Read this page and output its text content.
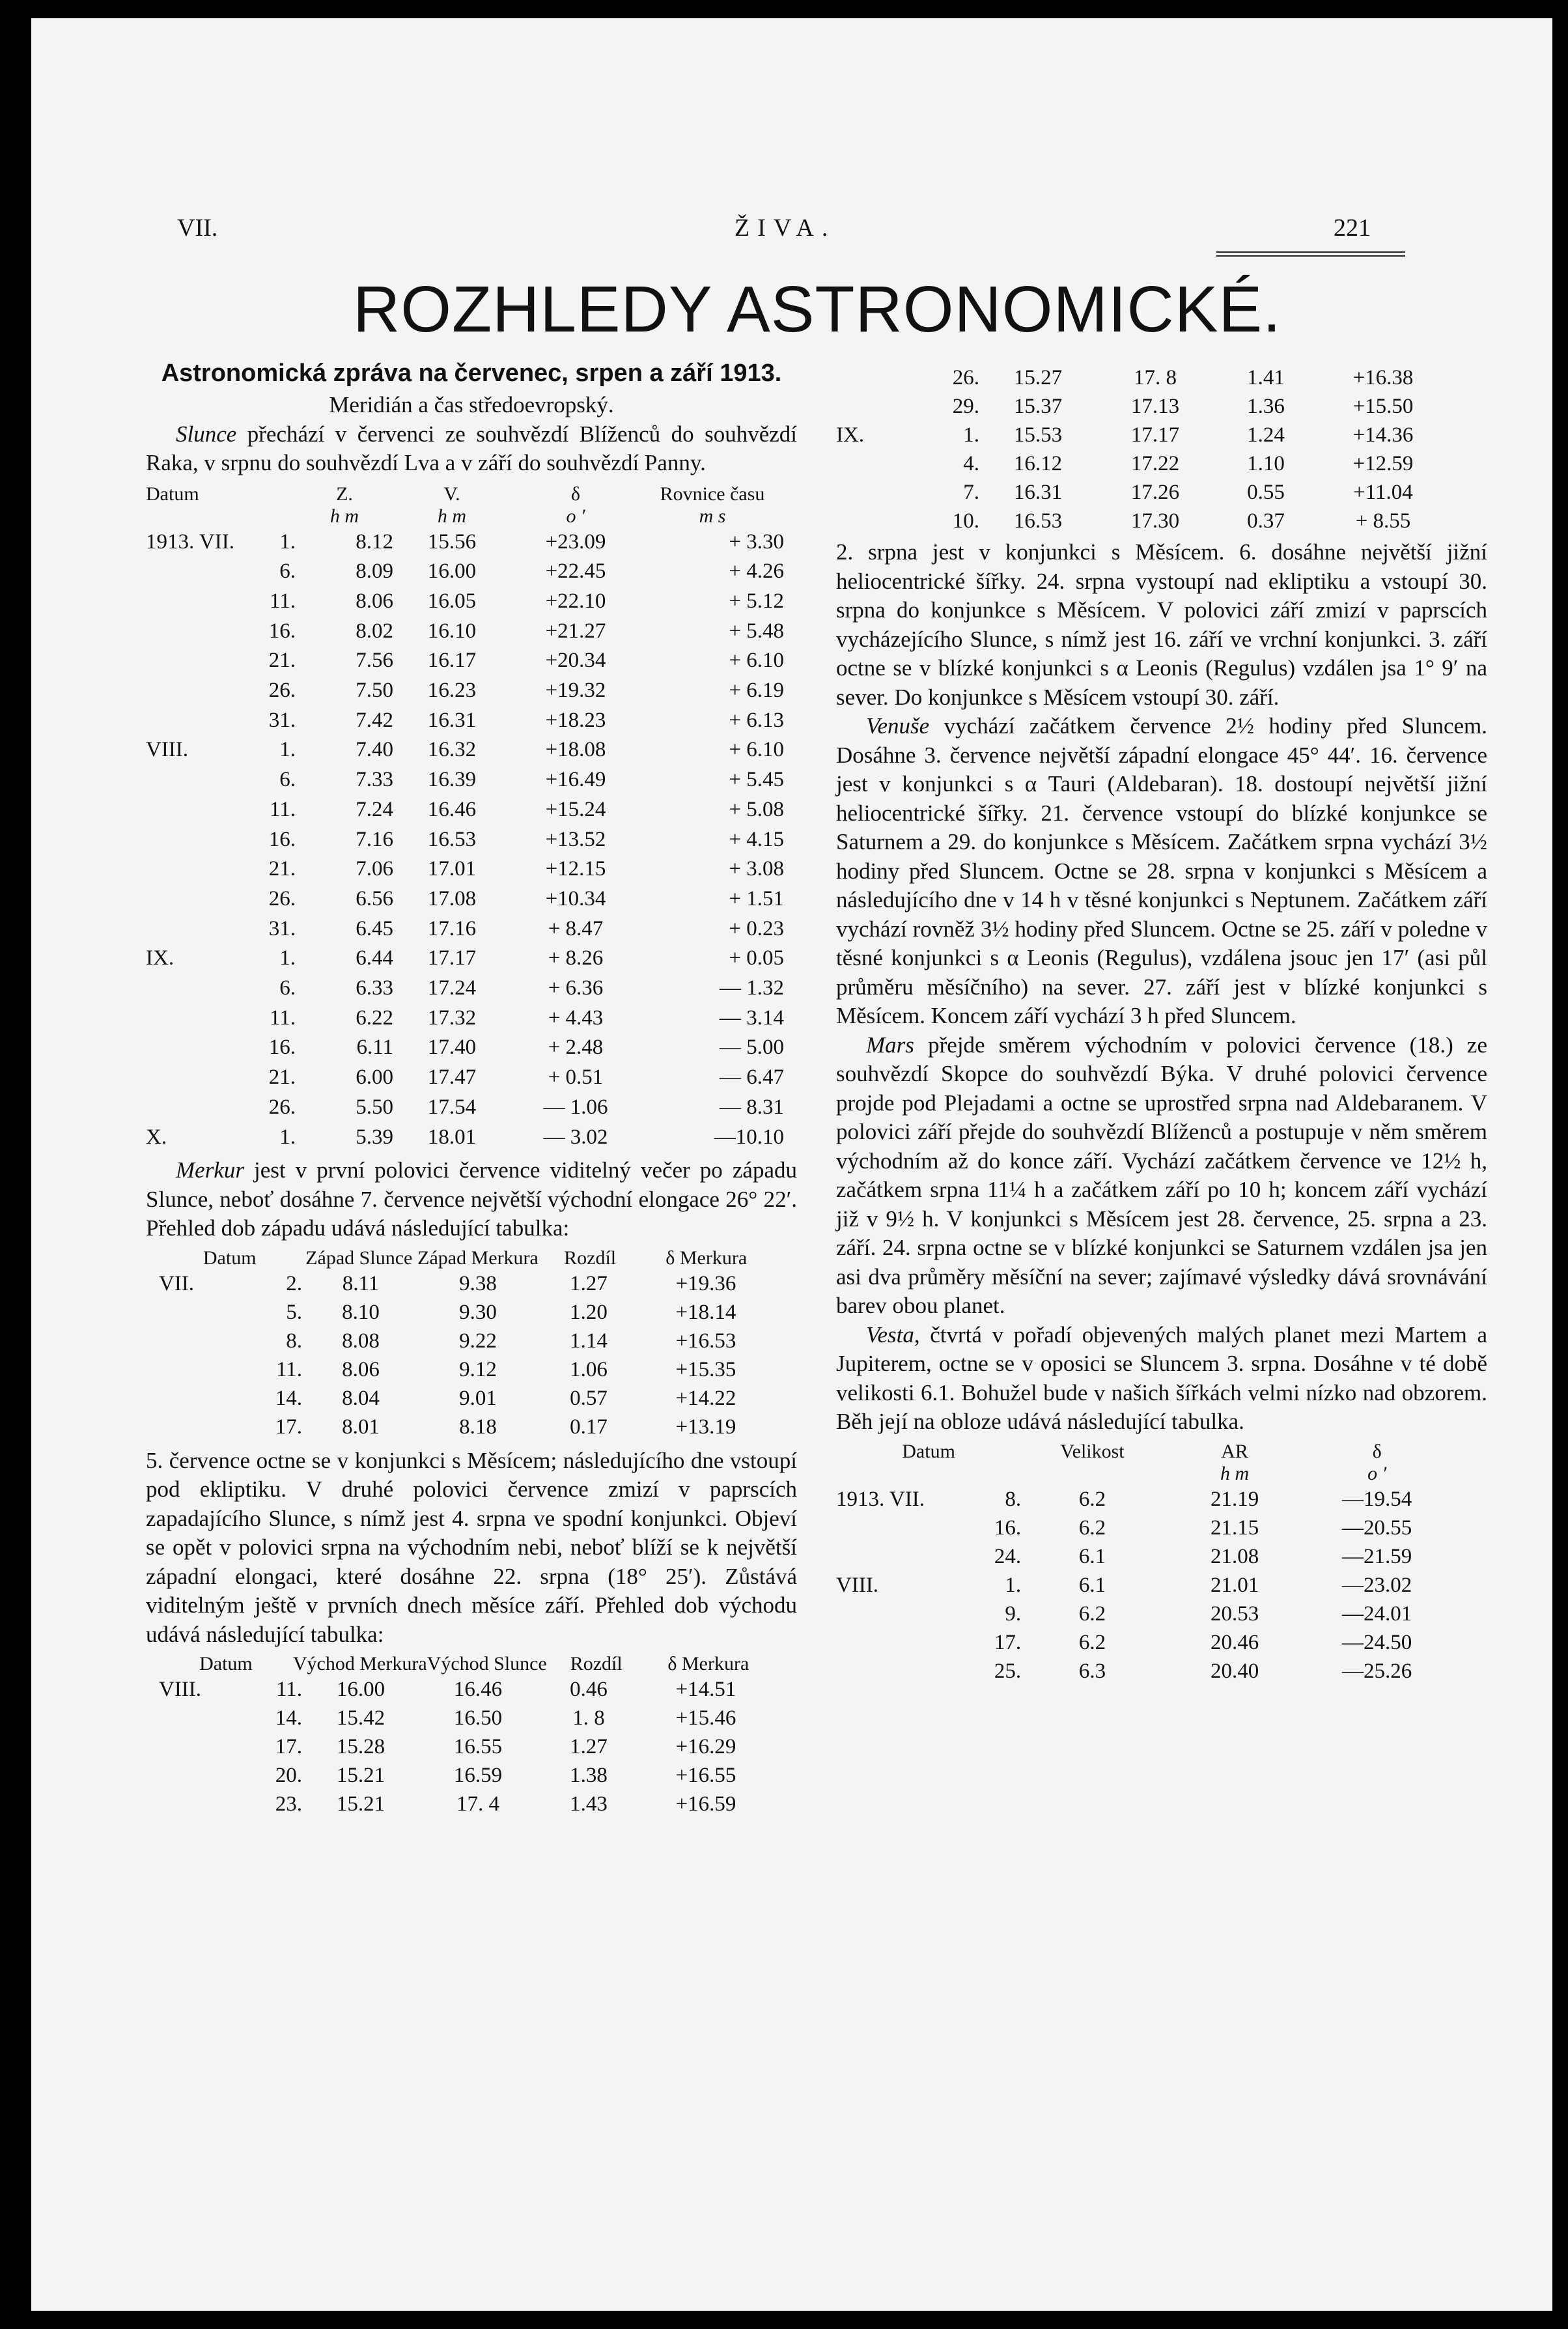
VII.	ŽIVA.	221
ROZHLEDY ASTRONOMICKÉ.
Astronomická zpráva na červenec, srpen a září 1913.
Meridián a čas středoevropský.
Slunce přechází v červenci ze souhvězdí Blíženců do souhvězdí Raka, v srpnu do souhvězdí Lva a v září do souhvězdí Panny.
Datum	Z.	V.	δ	Rovnice času
	h m	h m	o ′	m s
1913. VII.	1.	8.12	15.56	+23.09	+ 3.30
	6.	8.09	16.00	+22.45	+ 4.26
	11.	8.06	16.05	+22.10	+ 5.12
	16.	8.02	16.10	+21.27	+ 5.48
	21.	7.56	16.17	+20.34	+ 6.10
	26.	7.50	16.23	+19.32	+ 6.19
	31.	7.42	16.31	+18.23	+ 6.13
VIII.	1.	7.40	16.32	+18.08	+ 6.10
	6.	7.33	16.39	+16.49	+ 5.45
	11.	7.24	16.46	+15.24	+ 5.08
	16.	7.16	16.53	+13.52	+ 4.15
	21.	7.06	17.01	+12.15	+ 3.08
	26.	6.56	17.08	+10.34	+ 1.51
	31.	6.45	17.16	+ 8.47	+ 0.23
IX.	1.	6.44	17.17	+ 8.26	+ 0.05
	6.	6.33	17.24	+ 6.36	— 1.32
	11.	6.22	17.32	+ 4.43	— 3.14
	16.	6.11	17.40	+ 2.48	— 5.00
	21.	6.00	17.47	+ 0.51	— 6.47
	26.	5.50	17.54	— 1.06	— 8.31
X.	1.	5.39	18.01	— 3.02	—10.10
Merkur jest v první polovici července viditelný večer po západu Slunce, neboť dosáhne 7. července největší východní elongace 26° 22′. Přehled dob západu udává následující tabulka:
Datum	Západ Slunce	Západ Merkura	Rozdíl	δ Merkura
VII.	2.	8.11	9.38	1.27	+19.36
	5.	8.10	9.30	1.20	+18.14
	8.	8.08	9.22	1.14	+16.53
	11.	8.06	9.12	1.06	+15.35
	14.	8.04	9.01	0.57	+14.22
	17.	8.01	8.18	0.17	+13.19
5. července octne se v konjunkci s Měsícem; následujícího dne vstoupí pod ekliptiku. V druhé polovici července zmizí v paprscích zapadajícího Slunce, s nímž jest 4. srpna ve spodní konjunkci. Objeví se opět v polovici srpna na východním nebi, neboť blíží se k největší západní elongaci, které dosáhne 22. srpna (18° 25′). Zůstává viditelným ještě v prvních dnech měsíce září. Přehled dob východu udává následující tabulka:
Datum	Východ Merkura	Východ Slunce	Rozdíl	δ Merkura
VIII.	11.	16.00	16.46	0.46	+14.51
	14.	15.42	16.50	1. 8	+15.46
	17.	15.28	16.55	1.27	+16.29
	20.	15.21	16.59	1.38	+16.55
	23.	15.21	17. 4	1.43	+16.59
	26.	15.27	17. 8	1.41	+16.38
	29.	15.37	17.13	1.36	+15.50
IX.	1.	15.53	17.17	1.24	+14.36
	4.	16.12	17.22	1.10	+12.59
	7.	16.31	17.26	0.55	+11.04
	10.	16.53	17.30	0.37	+ 8.55
2. srpna jest v konjunkci s Měsícem. 6. dosáhne největší jižní heliocentrické šířky. 24. srpna vystoupí nad ekliptiku a vstoupí 30. srpna do konjunkce s Měsícem. V polovici září zmizí v paprscích vycházejícího Slunce, s nímž jest 16. září ve vrchní konjunkci. 3. září octne se v blízké konjunkci s α Leonis (Regulus) vzdálen jsa 1° 9′ na sever. Do konjunkce s Měsícem vstoupí 30. září.
Venuše vychází začátkem července 2½ hodiny před Sluncem. Dosáhne 3. července největší západní elongace 45° 44′. 16. července jest v konjunkci s α Tauri (Aldebaran). 18. dostoupí největší jižní heliocentrické šířky. 21. července vstoupí do blízké konjunkce se Saturnem a 29. do konjunkce s Měsícem. Začátkem srpna vychází 3½ hodiny před Sluncem. Octne se 28. srpna v konjunkci s Měsícem a následujícího dne v 14 h v těsné konjunkci s Neptunem. Začátkem září vychází rovněž 3½ hodiny před Sluncem. Octne se 25. září v poledne v těsné konjunkci s α Leonis (Regulus), vzdálena jsouc jen 17′ (asi půl průměru měsíčního) na sever. 27. září jest v blízké konjunkci s Měsícem. Koncem září vychází 3 h před Sluncem.
Mars přejde směrem východním v polovici července (18.) ze souhvězdí Skopce do souhvězdí Býka. V druhé polovici července projde pod Plejadami a octne se uprostřed srpna nad Aldebaranem. V polovici září přejde do souhvězdí Blíženců a postupuje v něm směrem východním až do konce září. Vychází začátkem července ve 12½ h, začátkem srpna 11¼ h a začátkem září po 10 h; koncem září vychází již v 9½ h. V konjunkci s Měsícem jest 28. července, 25. srpna a 23. září. 24. srpna octne se v blízké konjunkci se Saturnem vzdálen jsa jen asi dva průměry měsíční na sever; zajímavé výsledky dává srovnávání barev obou planet.
Vesta, čtvrtá v pořadí objevených malých planet mezi Martem a Jupiterem, octne se v oposici se Sluncem 3. srpna. Dosáhne v té době velikosti 6.1. Bohužel bude v našich šířkách velmi nízko nad obzorem. Běh její na obloze udává následující tabulka.
Datum	Velikost	AR	δ
		h m	o ′
1913. VII.	8.	6.2	21.19	—19.54
	16.	6.2	21.15	—20.55
	24.	6.1	21.08	—21.59
VIII.	1.	6.1	21.01	—23.02
	9.	6.2	20.53	—24.01
	17.	6.2	20.46	—24.50
	25.	6.3	20.40	—25.26
